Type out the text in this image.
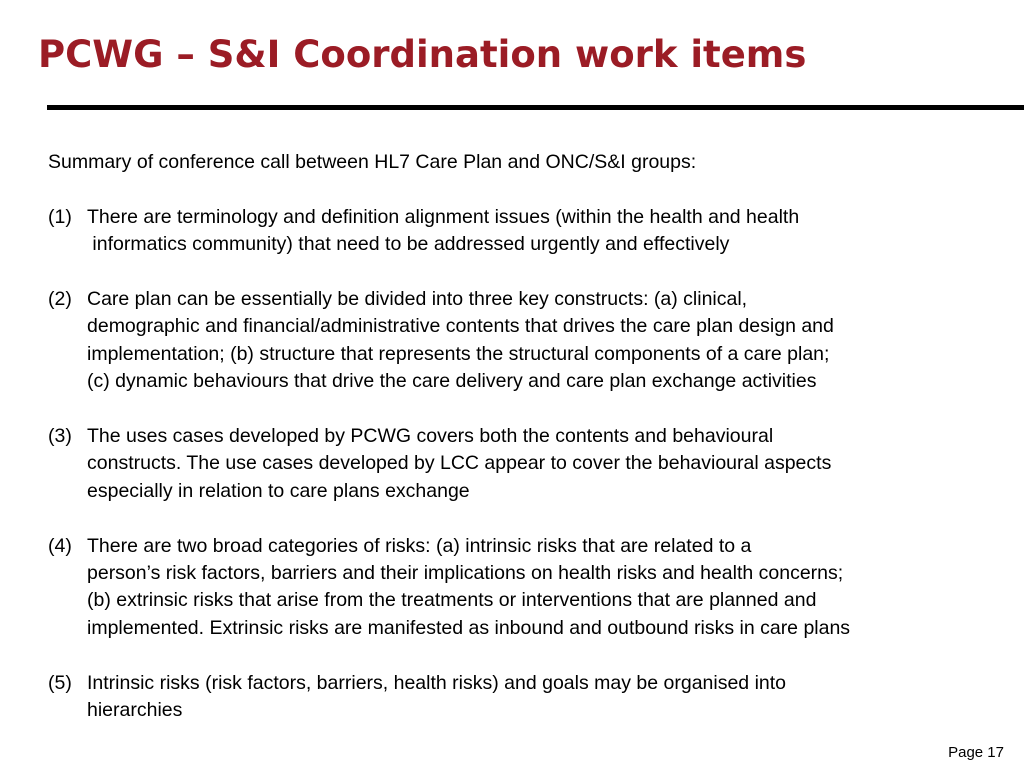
PCWG – S&I Coordination work items

Summary of conference call between HL7 Care Plan and ONC/S&I groups:

(1) There are terminology and definition alignment issues (within the health and health
informatics community) that need to be addressed urgently and effectively
(2) Care plan can be essentially be divided into three key constructs: (a) clinical,
demographic and financial/administrative contents that drives the care plan design and
implementation; (b) structure that represents the structural components of a care plan;
(c) dynamic behaviours that drive the care delivery and care plan exchange activities
(3) The uses cases developed by PCWG covers both the contents and behavioural
constructs. The use cases developed by LCC appear to cover the behavioural aspects
especially in relation to care plans exchange
(4) There are two broad categories of risks: (a) intrinsic risks that are related to a
person’s risk factors, barriers and their implications on health risks and health concerns;
(b) extrinsic risks that arise from the treatments or interventions that are planned and
implemented. Extrinsic risks are manifested as inbound and outbound risks in care plans
(5) Intrinsic risks (risk factors, barriers, health risks) and goals may be organised into
hierarchies
Page 17
